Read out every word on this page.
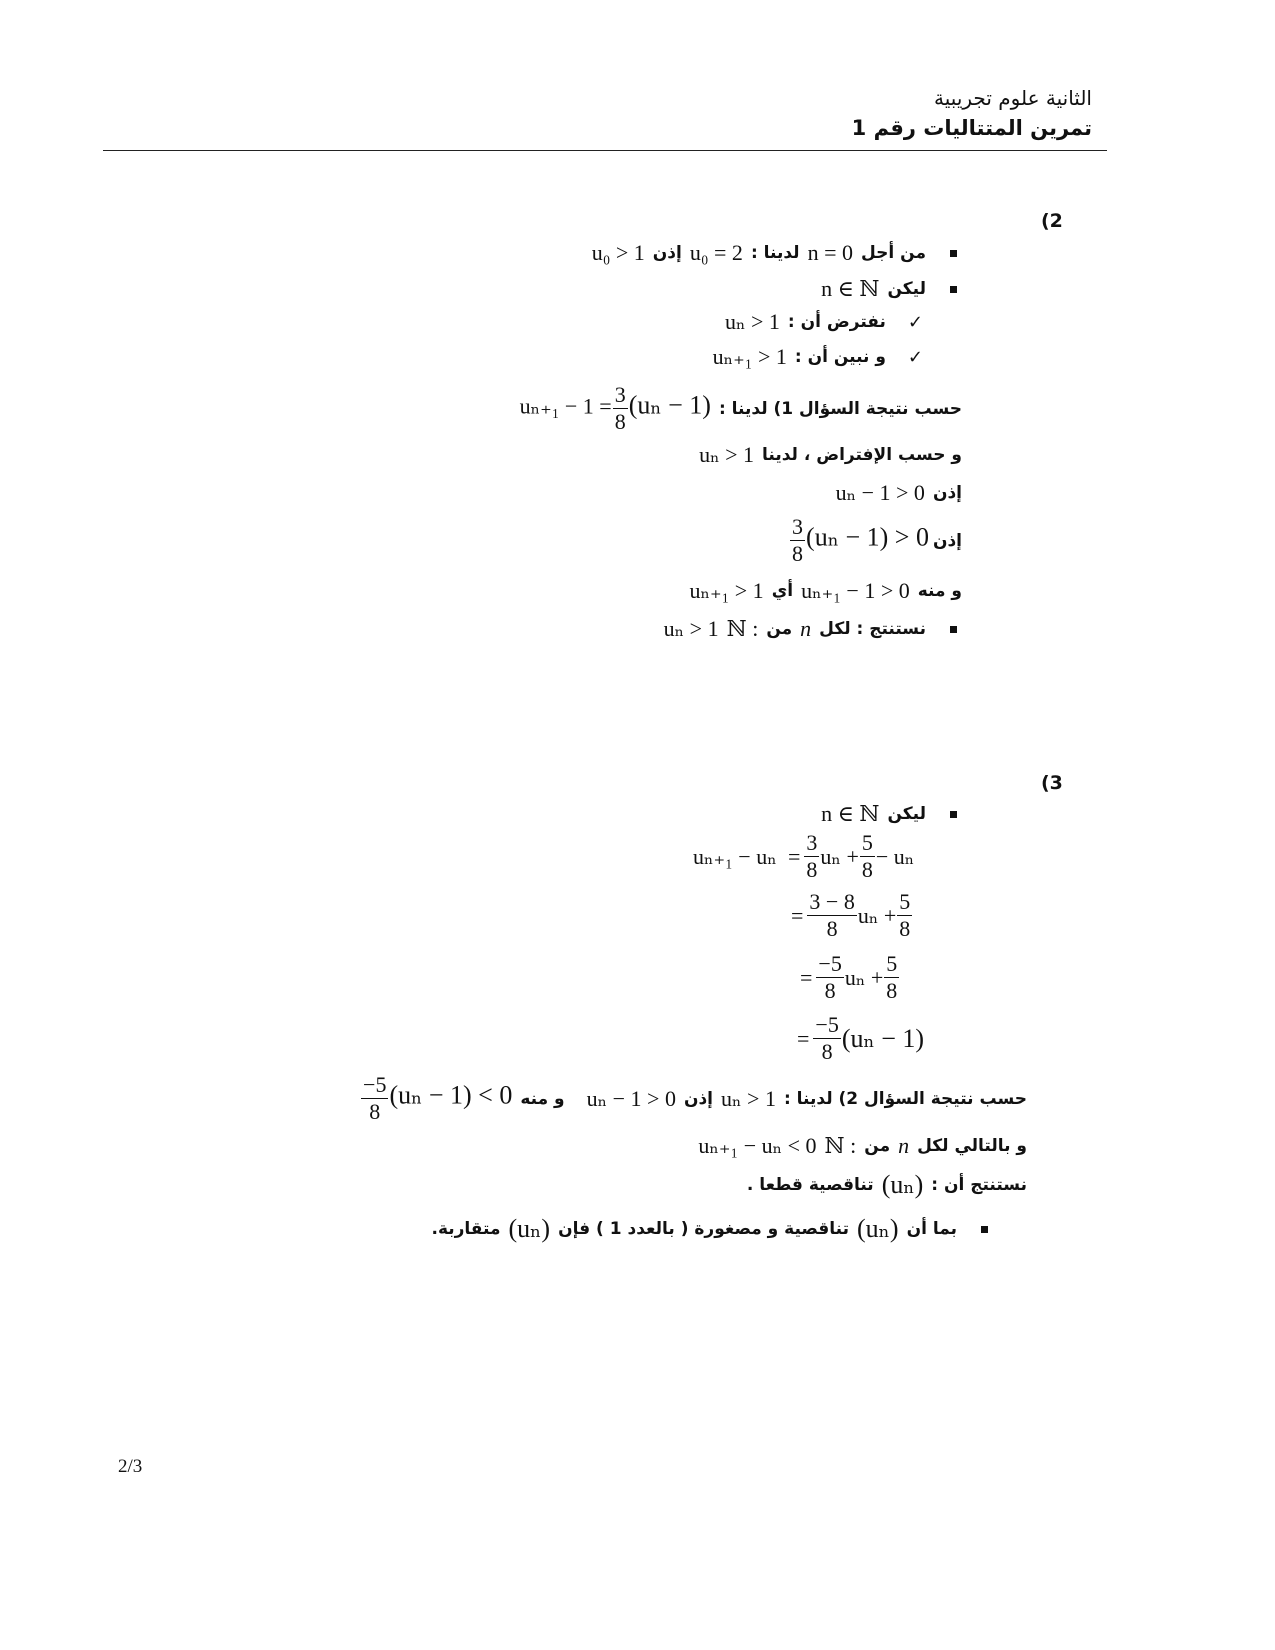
الثانية علوم تجريبية
تمرين المتتاليات رقم 1
(2
من أجل
n = 0
لدينا :
u₀ = 2
إذن
u₀ > 1
ليكن
n ∈ ℕ
✓
نفترض أن :
uₙ > 1
✓
و نبين أن :
uₙ₊₁ > 1
حسب نتيجة السؤال 1) لدينا :
$u_{n+1} - 1 = \frac{3}{8} (u_n - 1)$
و حسب الإفتراض ، لدينا
uₙ > 1
إذن
uₙ − 1 > 0
إذن
$\frac{3}{8} (u_n - 1) > 0$
و منه
uₙ₊₁ − 1 > 0
أي
uₙ₊₁ > 1
نستنتج : لكل
n
من
ℕ :
uₙ > 1
(3
ليكن
n ∈ ℕ
$u_{n+1} - u_n = \frac{3}{8}$ $u_n + \frac{5}{8} - u_n$
= $\frac{3 - 8}{8}$ $u_n + \frac{5}{8}$
= $\frac{-5}{8}$ $u_n + \frac{5}{8}$
= $\frac{-5}{8} (u_n - 1)$
حسب نتيجة السؤال 2) لدينا :
uₙ > 1
إذن
uₙ − 1 > 0
و منه
$\frac{-5}{8} (u_n - 1) < 0$
و بالتالي لكل
n
من
ℕ :
uₙ₊₁ − uₙ < 0
نستنتج أن :
(uₙ)
تناقصية قطعا .
بما أن
(uₙ)
تناقصية و مصغورة ( بالعدد 1 ) فإن
(uₙ)
متقاربة.
2/3
